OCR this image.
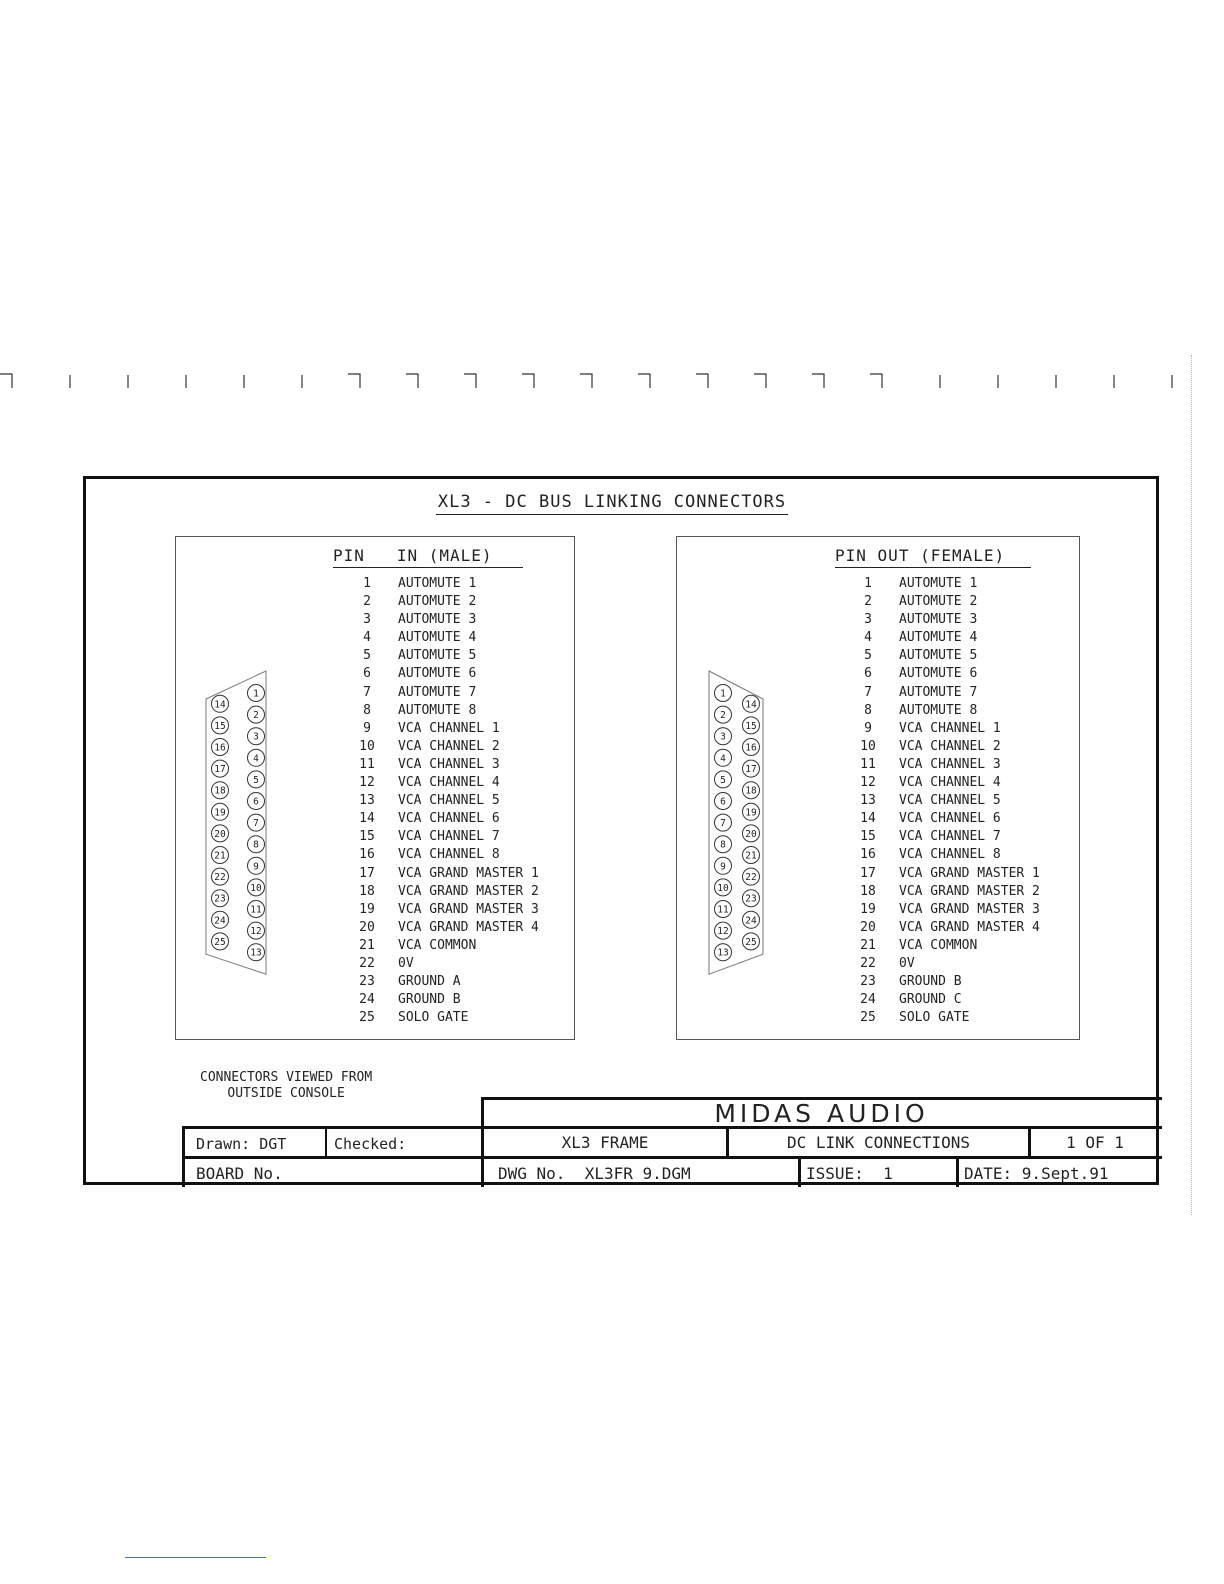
XL3 - DC BUS LINKING CONNECTORS
PIN IN (MALE)
1 AUTOMUTE 1
2 AUTOMUTE 2
3 AUTOMUTE 3
4 AUTOMUTE 4
5 AUTOMUTE 5
6 AUTOMUTE 6
7 AUTOMUTE 7
8 AUTOMUTE 8
9 VCA CHANNEL 1
10 VCA CHANNEL 2
11 VCA CHANNEL 3
12 VCA CHANNEL 4
13 VCA CHANNEL 5
14 VCA CHANNEL 6
15 VCA CHANNEL 7
16 VCA CHANNEL 8
17 VCA GRAND MASTER 1
18 VCA GRAND MASTER 2
19 VCA GRAND MASTER 3
20 VCA GRAND MASTER 4
21 VCA COMMON
22 0V
23 GROUND A
24 GROUND B
25 SOLO GATE
1
2
3
4
5
6
7
8
9
10
11
12
13
14
15
16
17
18
19
20
21
22
23
24
25
PIN OUT (FEMALE)
1 AUTOMUTE 1
2 AUTOMUTE 2
3 AUTOMUTE 3
4 AUTOMUTE 4
5 AUTOMUTE 5
6 AUTOMUTE 6
7 AUTOMUTE 7
8 AUTOMUTE 8
9 VCA CHANNEL 1
10 VCA CHANNEL 2
11 VCA CHANNEL 3
12 VCA CHANNEL 4
13 VCA CHANNEL 5
14 VCA CHANNEL 6
15 VCA CHANNEL 7
16 VCA CHANNEL 8
17 VCA GRAND MASTER 1
18 VCA GRAND MASTER 2
19 VCA GRAND MASTER 3
20 VCA GRAND MASTER 4
21 VCA COMMON
22 0V
23 GROUND B
24 GROUND C
25 SOLO GATE
1
2
3
4
5
6
7
8
9
10
11
12
13
14
15
16
17
18
19
20
21
22
23
24
25
CONNECTORS VIEWED FROM
OUTSIDE CONSOLE
MIDAS AUDIO
Drawn: DGT	Checked:	XL3 FRAME	DC LINK CONNECTIONS	1 OF 1
BOARD No.	DWG No.  XL3FR_9.DGM	ISSUE:  1	DATE: 9.Sept.91
